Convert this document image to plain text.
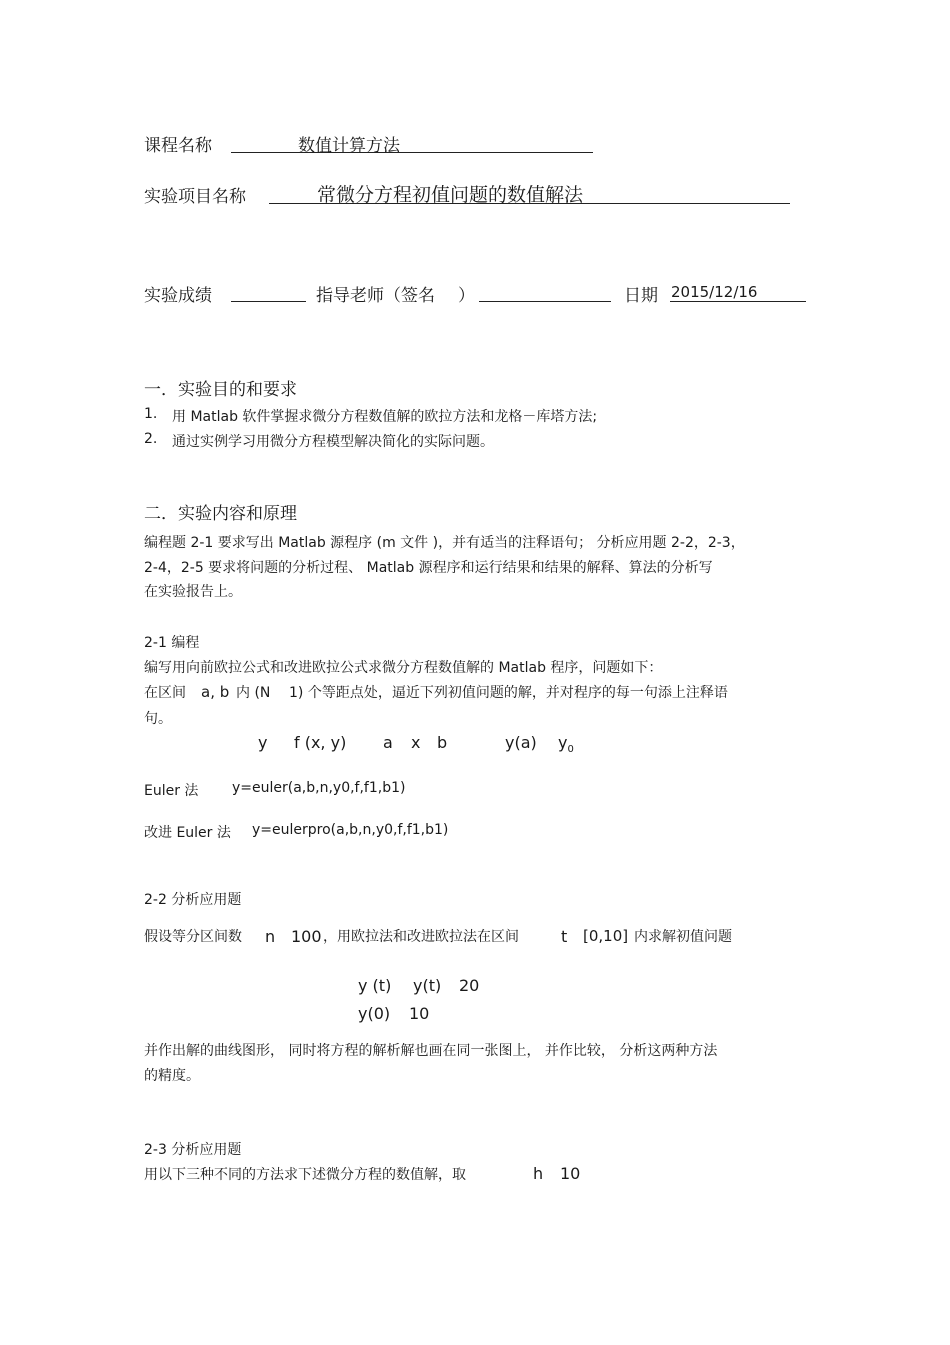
课程名称	数值计算方法
实验项目名称	常微分方程初值问题的数值解法
实验成绩	指导老师（签名 ）	日期 2015/12/16
一．实验目的和要求
1. 用 Matlab 软件掌握求微分方程数值解的欧拉方法和龙格－库塔方法;
2. 通过实例学习用微分方程模型解决简化的实际问题。
二．实验内容和原理
编程题 2-1 要求写出 Matlab 源程序 (m 文件 )，并有适当的注释语句； 分析应用题 2-2，2-3，
2-4，2-5 要求将问题的分析过程、 Matlab 源程序和运行结果和结果的解释、算法的分析写
在实验报告上。
2-1 编程
编写用向前欧拉公式和改进欧拉公式求微分方程数值解的 Matlab 程序，问题如下：
在区间 a, b 内 (N 1) 个等距点处，逼近下列初值问题的解，并对程序的每一句添上注释语
句。
y f (x, y) a x b	y(a) $y_0$
Euler 法 y=euler(a,b,n,y0,f,f1,b1)
改进 Euler 法 y=eulerpro(a,b,n,y0,f,f1,b1)
2-2 分析应用题
假设等分区间数 n 100 ，用欧拉法和改进欧拉法在区间	t [0,10] 内求解初值问题
y (t) y(t) 20
y(0) 10
并作出解的曲线图形， 同时将方程的解析解也画在同一张图上， 并作比较， 分析这两种方法
的精度。
2-3 分析应用题
用以下三种不同的方法求下述微分方程的数值解，取	h 10
